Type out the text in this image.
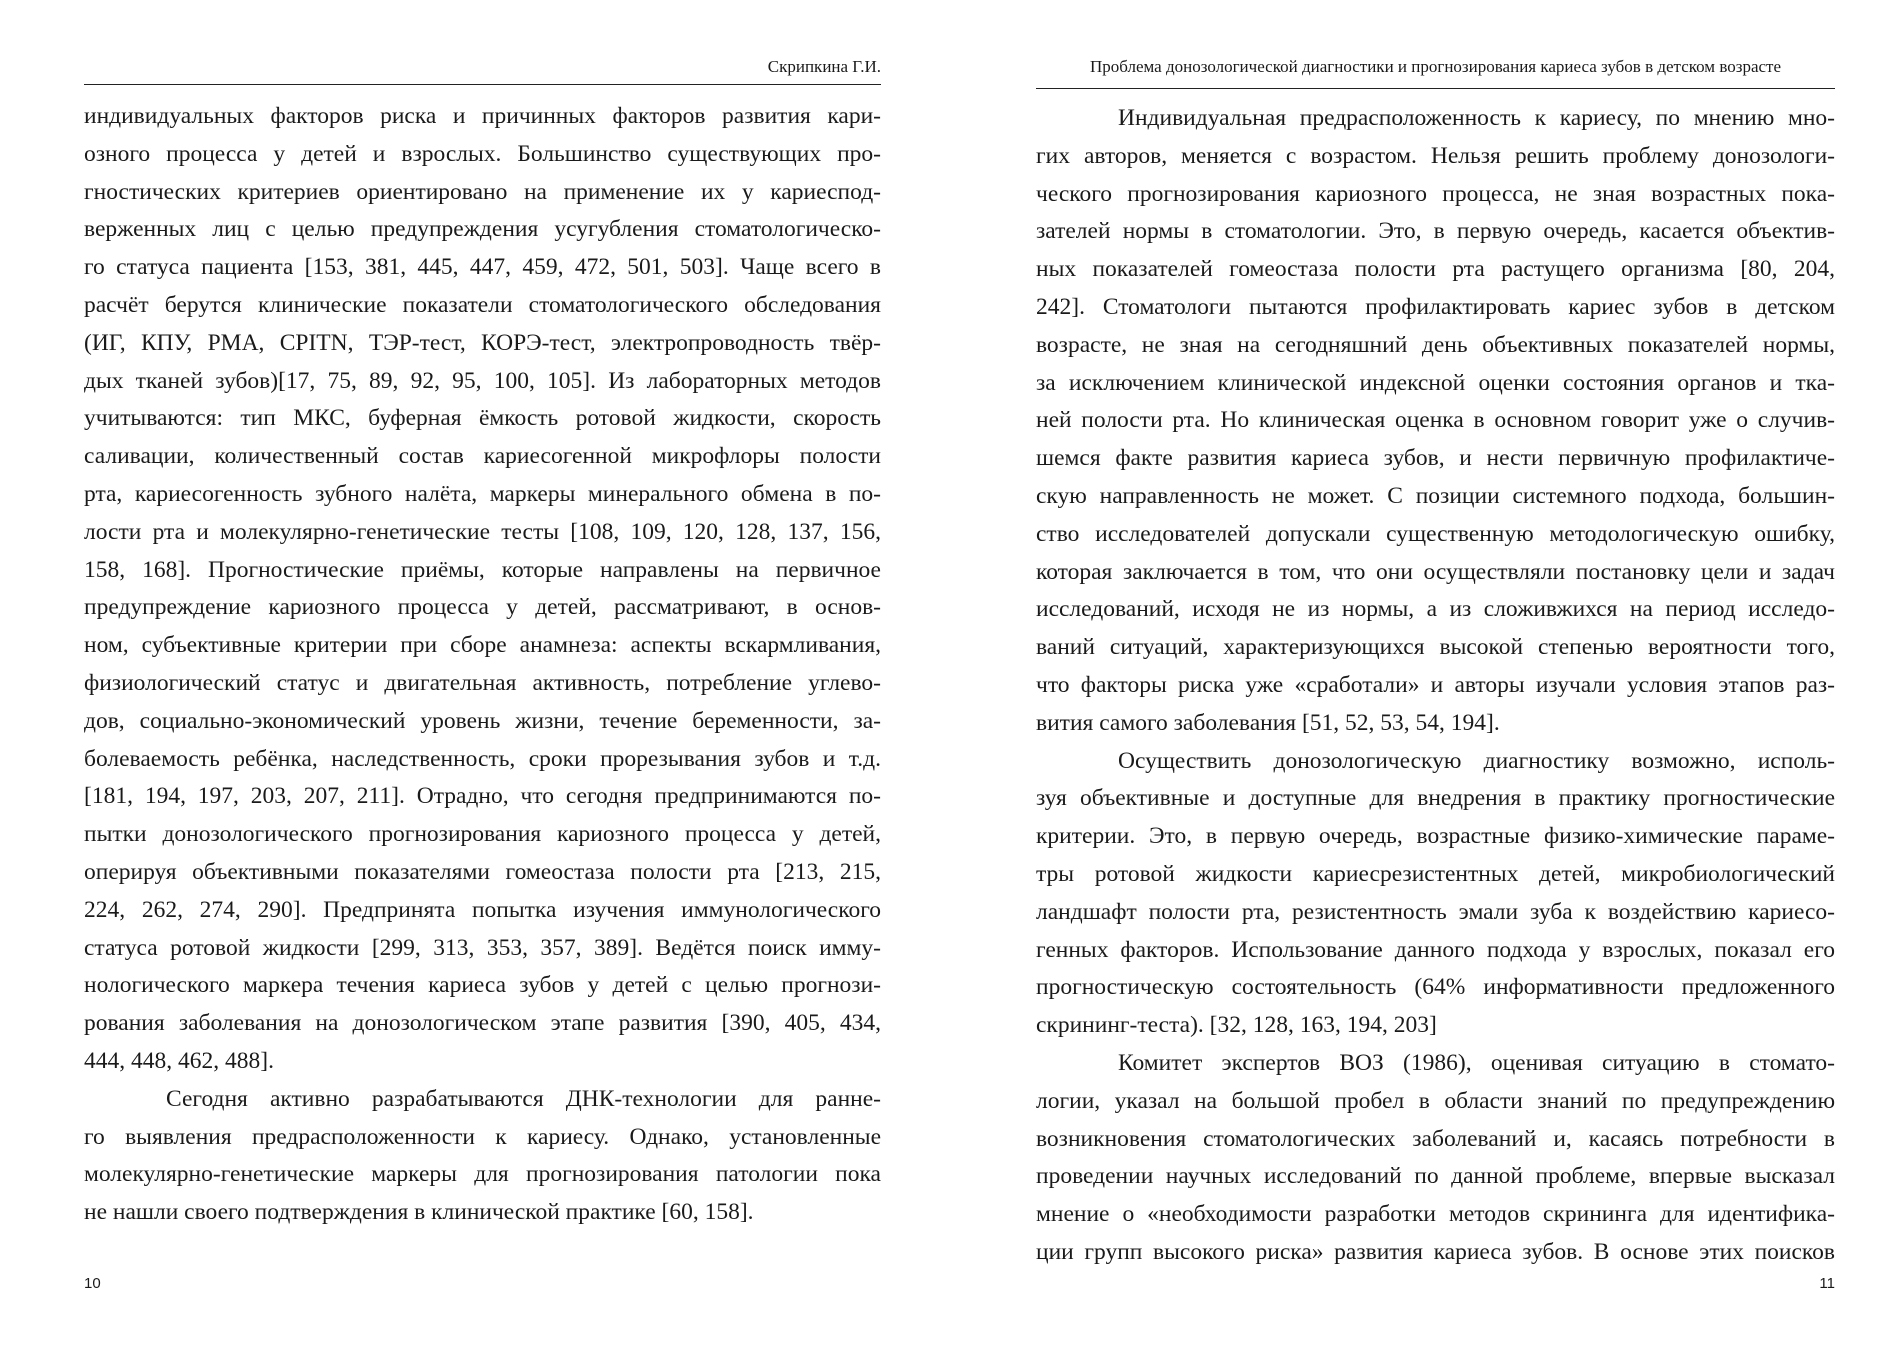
Скрипкина Г.И.
индивидуальных факторов риска и причинных факторов развития кари-
озного процесса у детей и взрослых. Большинство существующих про-
гностических критериев ориентировано на применение их у кариеспод-
верженных лиц с целью предупреждения усугубления стоматологическо-
го статуса пациента [153, 381, 445, 447, 459, 472, 501, 503]. Чаще всего в
расчёт берутся клинические показатели стоматологического обследования
(ИГ, КПУ, PMA, CPITN, ТЭР-тест, КОРЭ-тест, электропроводность твёр-
дых тканей зубов)[17, 75, 89, 92, 95, 100, 105]. Из лабораторных методов
учитываются: тип МКС, буферная ёмкость ротовой жидкости, скорость
саливации, количественный состав кариесогенной микрофлоры полости
рта, кариесогенность зубного налёта, маркеры минерального обмена в по-
лости рта и молекулярно-генетические тесты [108, 109, 120, 128, 137, 156,
158, 168]. Прогностические приёмы, которые направлены на первичное
предупреждение кариозного процесса у детей, рассматривают, в основ-
ном, субъективные критерии при сборе анамнеза: аспекты вскармливания,
физиологический статус и двигательная активность, потребление углево-
дов, социально-экономический уровень жизни, течение беременности, за-
болеваемость ребёнка, наследственность, сроки прорезывания зубов и т.д.
[181, 194, 197, 203, 207, 211]. Отрадно, что сегодня предпринимаются по-
пытки донозологического прогнозирования кариозного процесса у детей,
оперируя объективными показателями гомеостаза полости рта [213, 215,
224, 262, 274, 290]. Предпринята попытка изучения иммунологического
статуса ротовой жидкости [299, 313, 353, 357, 389]. Ведётся поиск имму-
нологического маркера течения кариеса зубов у детей с целью прогнози-
рования заболевания на донозологическом этапе развития [390, 405, 434,
444, 448, 462, 488].
Сегодня активно разрабатываются ДНК-технологии для ранне-
го выявления предрасположенности к кариесу. Однако, установленные
молекулярно-генетические маркеры для прогнозирования патологии пока
не нашли своего подтверждения в клинической практике [60, 158].
10
Проблема донозологической диагностики и прогнозирования кариеса зубов в детском возрасте
Индивидуальная предрасположенность к кариесу, по мнению мно-
гих авторов, меняется с возрастом. Нельзя решить проблему донозологи-
ческого прогнозирования кариозного процесса, не зная возрастных пока-
зателей нормы в стоматологии. Это, в первую очередь, касается объектив-
ных показателей гомеостаза полости рта растущего организма [80, 204,
242]. Стоматологи пытаются профилактировать кариес зубов в детском
возрасте, не зная на сегодняшний день объективных показателей нормы,
за исключением клинической индексной оценки состояния органов и тка-
ней полости рта. Но клиническая оценка в основном говорит уже о случив-
шемся факте развития кариеса зубов, и нести первичную профилактиче-
скую направленность не может. С позиции системного подхода, большин-
ство исследователей допускали существенную методологическую ошибку,
которая заключается в том, что они осуществляли постановку цели и задач
исследований, исходя не из нормы, а из сложивжихся на период исследо-
ваний ситуаций, характеризующихся высокой степенью вероятности того,
что факторы риска уже «сработали» и авторы изучали условия этапов раз-
вития самого заболевания [51, 52, 53, 54, 194].
Осуществить донозологическую диагностику возможно, исполь-
зуя объективные и доступные для внедрения в практику прогностические
критерии. Это, в первую очередь, возрастные физико-химические параме-
тры ротовой жидкости кариесрезистентных детей, микробиологический
ландшафт полости рта, резистентность эмали зуба к воздействию кариесо-
генных факторов. Использование данного подхода у взрослых, показал его
прогностическую состоятельность (64% информативности предложенного
скрининг-теста). [32, 128, 163, 194, 203]
Комитет экспертов ВОЗ (1986), оценивая ситуацию в стомато-
логии, указал на большой пробел в области знаний по предупреждению
возникновения стоматологических заболеваний и, касаясь потребности в
проведении научных исследований по данной проблеме, впервые высказал
мнение о «необходимости разработки методов скрининга для идентифика-
ции групп высокого риска» развития кариеса зубов. В основе этих поисков
11
